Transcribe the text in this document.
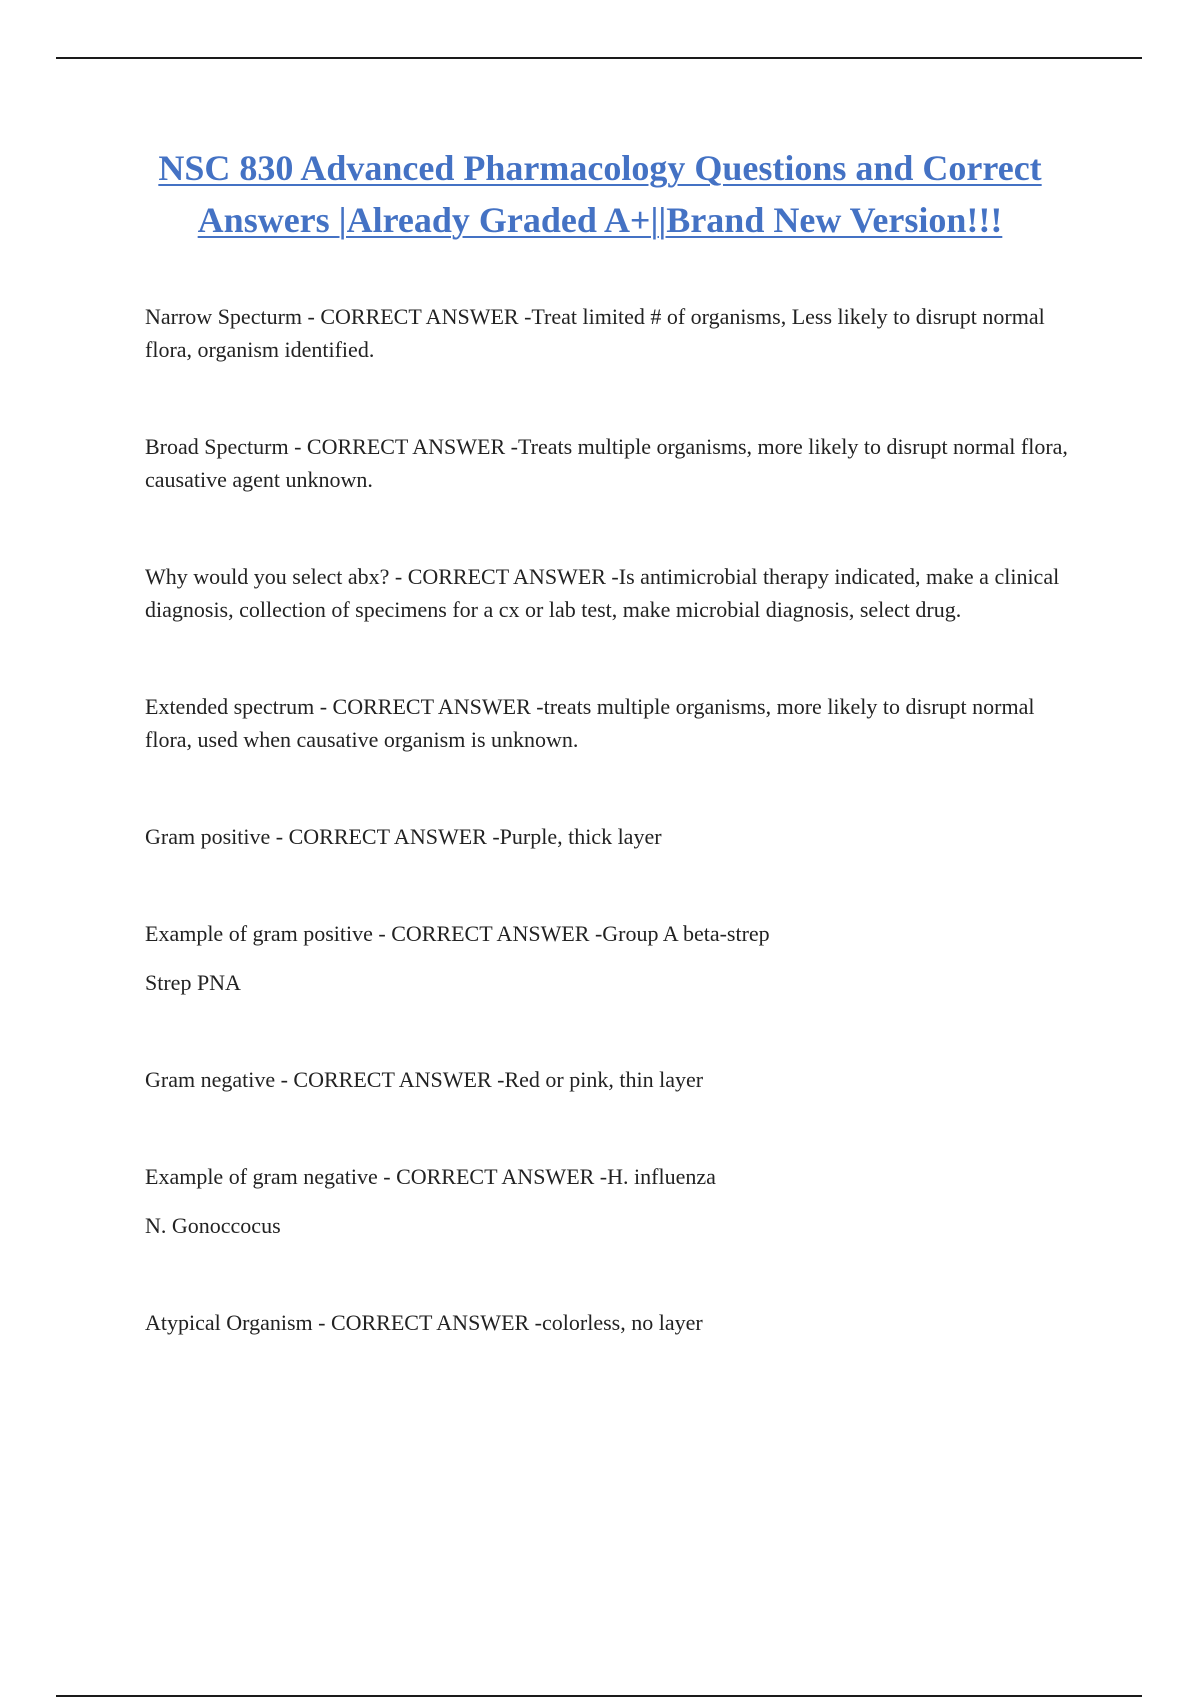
NSC 830 Advanced Pharmacology Questions and Correct Answers |Already Graded A+||Brand New Version!!!

Narrow Specturm - CORRECT ANSWER -Treat limited # of organisms, Less likely to disrupt normal flora, organism identified.

Broad Specturm - CORRECT ANSWER -Treats multiple organisms, more likely to disrupt normal flora, causative agent unknown.

Why would you select abx? - CORRECT ANSWER -Is antimicrobial therapy indicated, make a clinical diagnosis, collection of specimens for a cx or lab test, make microbial diagnosis, select drug.

Extended spectrum - CORRECT ANSWER -treats multiple organisms, more likely to disrupt normal flora, used when causative organism is unknown.

Gram positive - CORRECT ANSWER -Purple, thick layer

Example of gram positive - CORRECT ANSWER -Group A beta-strep

Strep PNA

Gram negative - CORRECT ANSWER -Red or pink, thin layer

Example of gram negative - CORRECT ANSWER -H. influenza

N. Gonoccocus

Atypical Organism - CORRECT ANSWER -colorless, no layer
